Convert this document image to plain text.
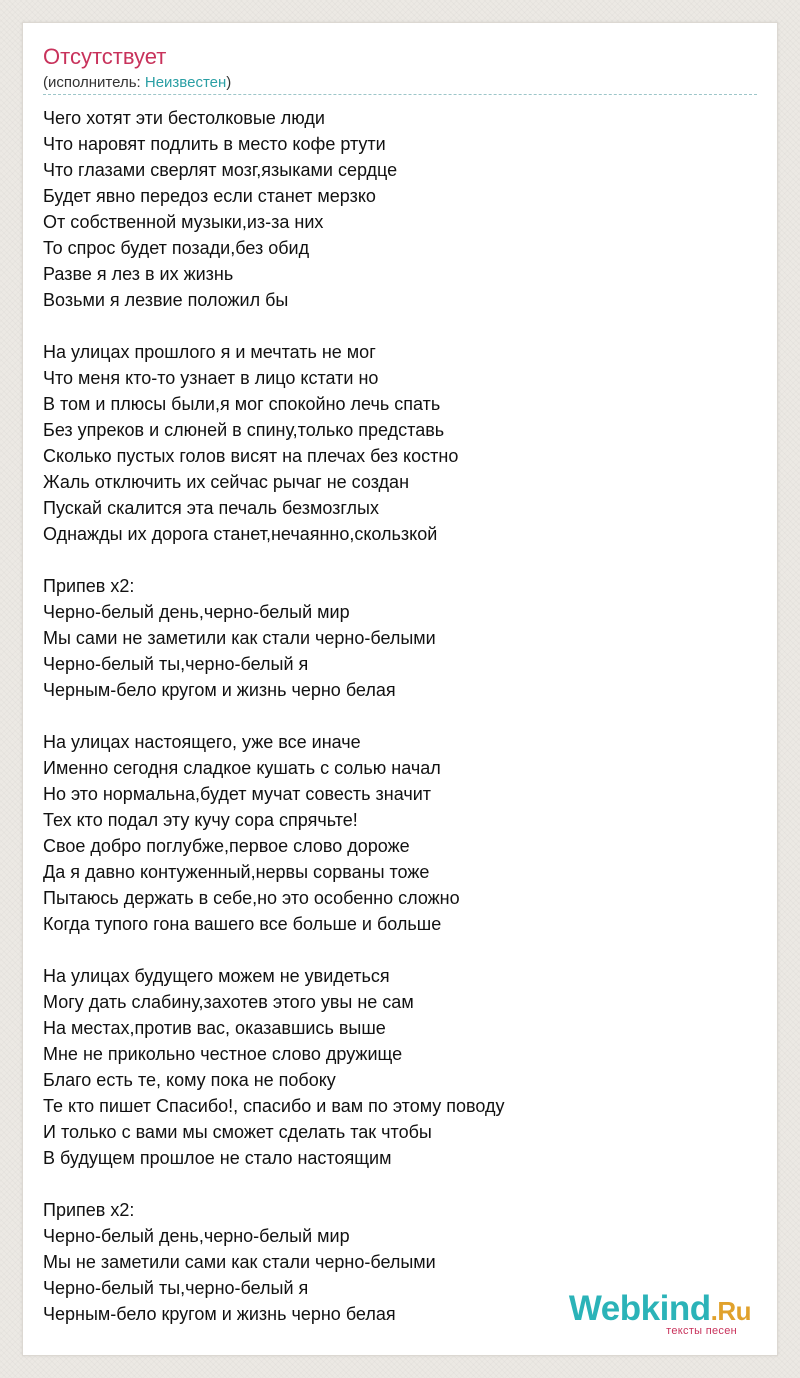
Отсутствует
(исполнитель: Неизвестен)
Чего хотят эти бестолковые люди
Что наровят подлить в место кофе ртути
Что глазами сверлят мозг,языками сердце
Будет явно передоз если станет мерзко
От собственной музыки,из-за них
То спрос будет позади,без обид
Разве я лез в их жизнь
Возьми я лезвие положил бы
На улицах прошлого я и мечтать не мог
Что меня кто-то узнает в лицо кстати но
В том и плюсы были,я мог спокойно лечь спать
Без упреков и слюней в спину,только представь
Сколько пустых голов висят на плечах без костно
Жаль отключить их сейчас рычаг не создан
Пускай скалится эта печаль безмозглых
Однажды их дорога станет,нечаянно,скользкой
Припев x2:
Черно-белый день,черно-белый мир
Мы сами не заметили как стали черно-белыми
Черно-белый ты,черно-белый я
Черным-бело кругом и жизнь черно белая
На улицах настоящего, уже все иначе
Именно сегодня сладкое кушать с солью начал
Но это нормальна,будет мучат совесть значит
Тех кто подал эту кучу сора спрячьте!
Свое добро поглубже,первое слово дороже
Да я давно контуженный,нервы сорваны тоже
Пытаюсь держать в себе,но это особенно сложно
Когда тупого гона вашего все больше и больше
На улицах будущего можем не увидеться
Могу дать слабину,захотев этого увы не сам
На местах,против вас, оказавшись выше
Мне не прикольно честное слово дружище
Благо есть те, кому пока не побоку
Те кто пишет Спасибо!, спасибо и вам по этому поводу
И только с вами мы сможет сделать так чтобы
В будущем прошлое не стало настоящим
Припев x2:
Черно-белый день,черно-белый мир
Мы не заметили сами как стали черно-белыми
Черно-белый ты,черно-белый я
Черным-бело кругом и жизнь черно белая	Webkind.Ru
тексты песен
